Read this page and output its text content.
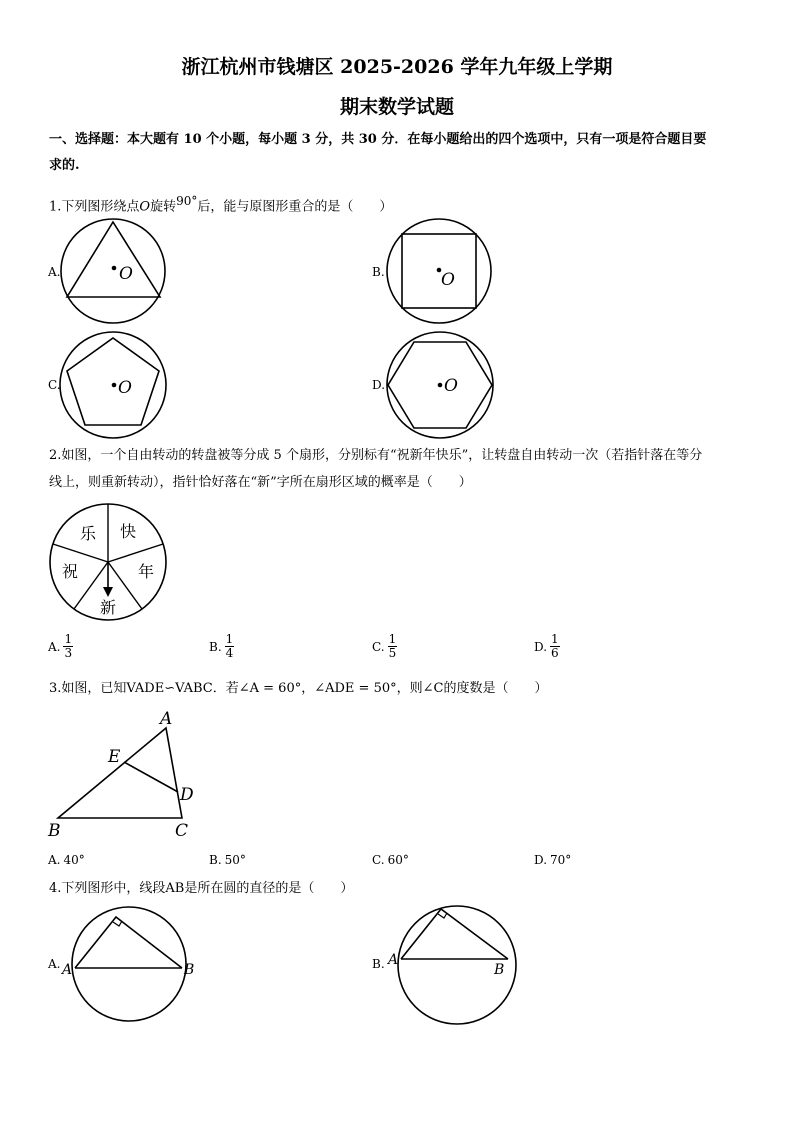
浙江杭州市钱塘区 2025-2026 学年九年级上学期
期末数学试题
一、选择题：本大题有 10 个小题，每小题 3 分，共 30 分．在每小题给出的四个选项中，只有一项是符合题目要
求的.
1.下列图形绕点O旋转$^{90^\circ}$后，能与原图形重合的是（　　）
A.	O	B.	O
C.	O	D.	O
2.如图，一个自由转动的转盘被等分成 5 个扇形，分别标有“祝新年快乐”，让转盘自由转动一次（若指针落在等分
线上，则重新转动），指针恰好落在“新”字所在扇形区域的概率是（　　）
快
年
新
祝
乐
A. $\frac{1}{3}$	B. $\frac{1}{4}$	C. $\frac{1}{5}$	D. $\frac{1}{6}$
3.如图，已知VADE∽VABC．若∠A = 60°，∠ADE = 50°，则∠C的度数是（　　）
A
E
D
B	C
A. 40°	B. 50°	C. 60°	D. 70°
4.下列图形中，线段AB是所在圆的直径的是（　　）
A. A	B	B. A
B
